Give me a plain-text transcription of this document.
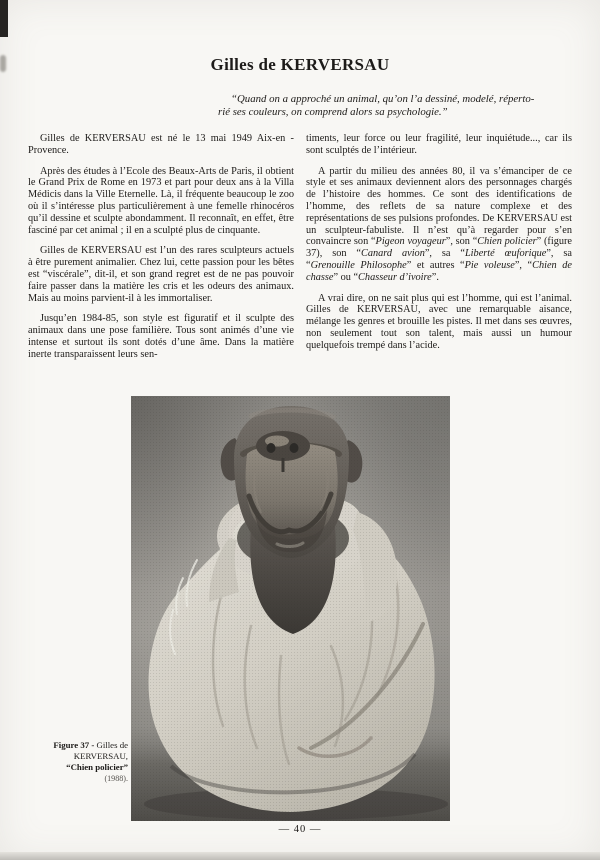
Gilles de KERVERSAU
“Quand on a approché un animal, qu’on l’a dessiné, modelé, réperto-
rié ses couleurs, on comprend alors sa psychologie.”

Gilles de KERVERSAU est né le 13 mai 1949 Aix-en - Provence.

Après des études à l’Ecole des Beaux-Arts de Paris, il obtient le Grand Prix de Rome en 1973 et part pour deux ans à la Villa Médicis dans la Ville Eternelle. Là, il fréquente beaucoup le zoo où il s’intéresse plus particulièrement à une femelle rhinocéros qu’il dessine et sculpte abondamment. Il reconnaît, en effet, être fasciné par cet animal ; il en a sculpté plus de cinquante.

Gilles de KERVERSAU est l’un des rares sculpteurs actuels à être purement animalier. Chez lui, cette passion pour les bêtes est “viscérale”, dit-il, et son grand regret est de ne pas pouvoir faire passer dans la matière les cris et les odeurs des animaux. Mais au moins parvient-il à les immortaliser.

Jusqu’en 1984-85, son style est figuratif et il sculpte des animaux dans une pose familière. Tous sont animés d’une vie intense et surtout ils sont dotés d’une âme. Dans la matière inerte transparaissent leurs sen-

timents, leur force ou leur fragilité, leur inquiétude..., car ils sont sculptés de l’intérieur.

A partir du milieu des années 80, il va s’émanciper de ce style et ses animaux deviennent alors des personnages chargés de l’histoire des hommes. Ce sont des identifications de l’homme, des reflets de sa nature complexe et des représentations de ses pulsions profondes. De KERVERSAU est un sculpteur-fabuliste. Il n’est qu’à regarder pour s’en convaincre son “Pigeon voyageur”, son “Chien policier” (figure 37), son “Canard avion”, sa “Liberté œuforique”, sa “Grenouille Philosophe” et autres “Pie voleuse”, “Chien de chasse” ou “Chasseur d’ivoire”.

A vrai dire, on ne sait plus qui est l’homme, qui est l’animal. Gilles de KERVERSAU, avec une remarquable aisance, mélange les genres et brouille les pistes. Il met dans ses œuvres, non seulement tout son talent, mais aussi un humour quelquefois trempé dans l’acide.

Figure 37 - Gilles de
KERVERSAU,
“Chien policier”
(1988).
— 40 —
